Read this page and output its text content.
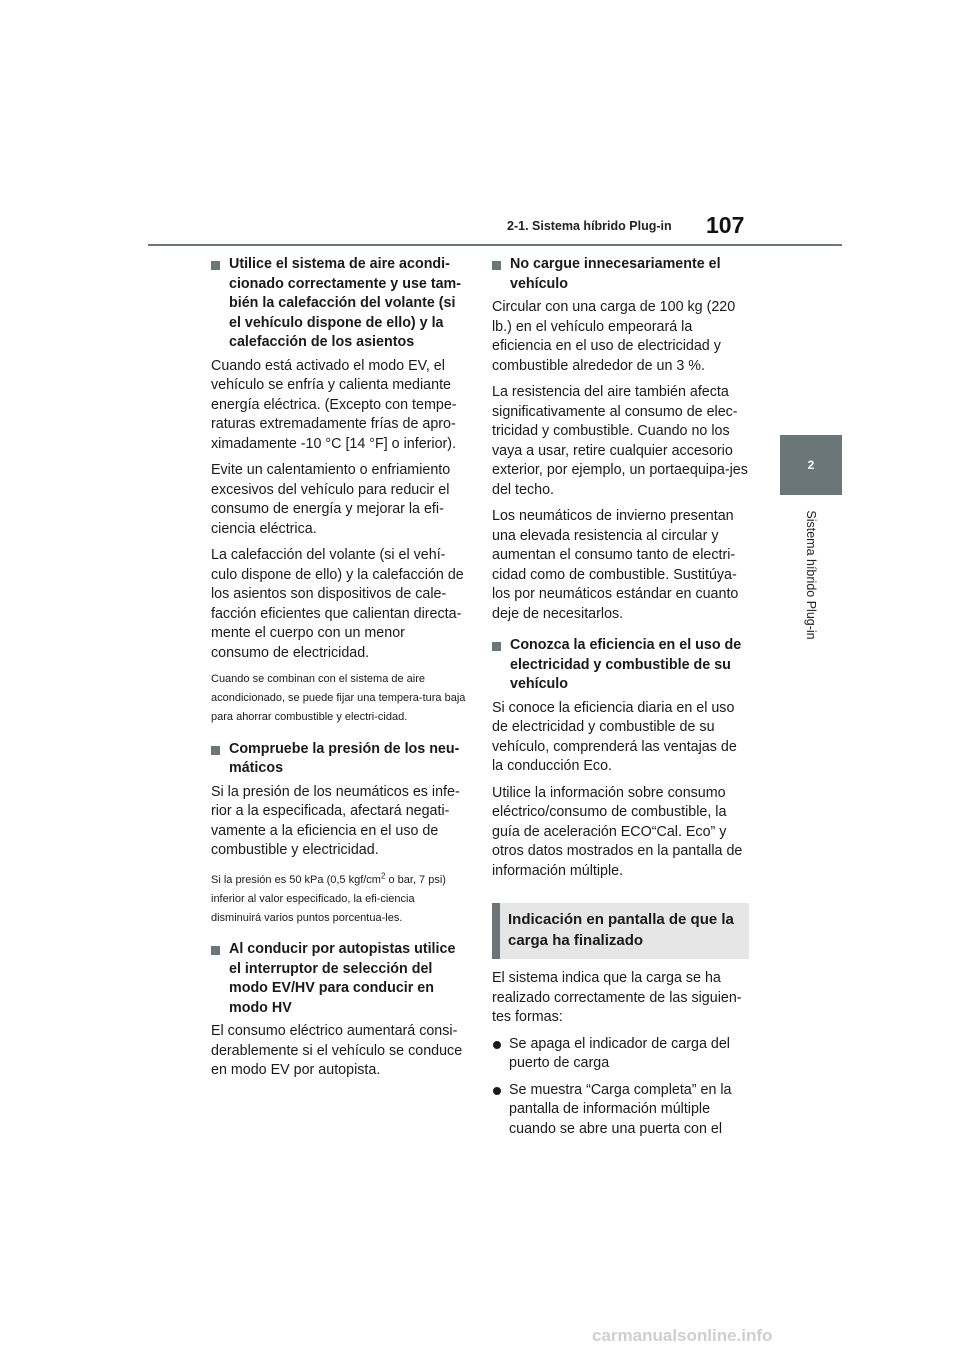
2-1. Sistema híbrido Plug-in 107
2
Sistema híbrido Plug-in
Utilice el sistema de aire acondi-cionado correctamente y use tam-bién la calefacción del volante (si el vehículo dispone de ello) y la calefacción de los asientos

Cuando está activado el modo EV, el vehículo se enfría y calienta mediante energía eléctrica. (Excepto con tempe-raturas extremadamente frías de apro-ximadamente -10 °C [14 °F] o inferior).

Evite un calentamiento o enfriamiento excesivos del vehículo para reducir el consumo de energía y mejorar la efi-ciencia eléctrica.

La calefacción del volante (si el vehí-culo dispone de ello) y la calefacción de los asientos son dispositivos de cale-facción eficientes que calientan directa-mente el cuerpo con un menor consumo de electricidad.

Cuando se combinan con el sistema de aire acondicionado, se puede fijar una tempera-tura baja para ahorrar combustible y electri-cidad.

Compruebe la presión de los neu-máticos

Si la presión de los neumáticos es infe-rior a la especificada, afectará negati-vamente a la eficiencia en el uso de combustible y electricidad.

Si la presión es 50 kPa (0,5 kgf/$cm^2$ o bar, 7 psi) inferior al valor especificado, la efi-ciencia disminuirá varios puntos porcentua-les.

Al conducir por autopistas utilice el interruptor de selección del modo EV/HV para conducir en modo HV

El consumo eléctrico aumentará consi-derablemente si el vehículo se conduce en modo EV por autopista.

No cargue innecesariamente el vehículo

Circular con una carga de 100 kg (220 lb.) en el vehículo empeorará la eficiencia en el uso de electricidad y combustible alrededor de un 3 %.

La resistencia del aire también afecta significativamente al consumo de elec-tricidad y combustible. Cuando no los vaya a usar, retire cualquier accesorio exterior, por ejemplo, un portaequipa-jes del techo.

Los neumáticos de invierno presentan una elevada resistencia al circular y aumentan el consumo tanto de electri-cidad como de combustible. Sustitúya-los por neumáticos estándar en cuanto deje de necesitarlos.

Conozca la eficiencia en el uso de electricidad y combustible de su vehículo

Si conoce la eficiencia diaria en el uso de electricidad y combustible de su vehículo, comprenderá las ventajas de la conducción Eco.

Utilice la información sobre consumo eléctrico/consumo de combustible, la guía de aceleración ECO“Cal. Eco” y otros datos mostrados en la pantalla de información múltiple.

Indicación en pantalla de que la carga ha finalizado

El sistema indica que la carga se ha realizado correctamente de las siguien-tes formas:

Se apaga el indicador de carga del puerto de carga
Se muestra “Carga completa” en la pantalla de información múltiple cuando se abre una puerta con el
carmanualsonline.info
